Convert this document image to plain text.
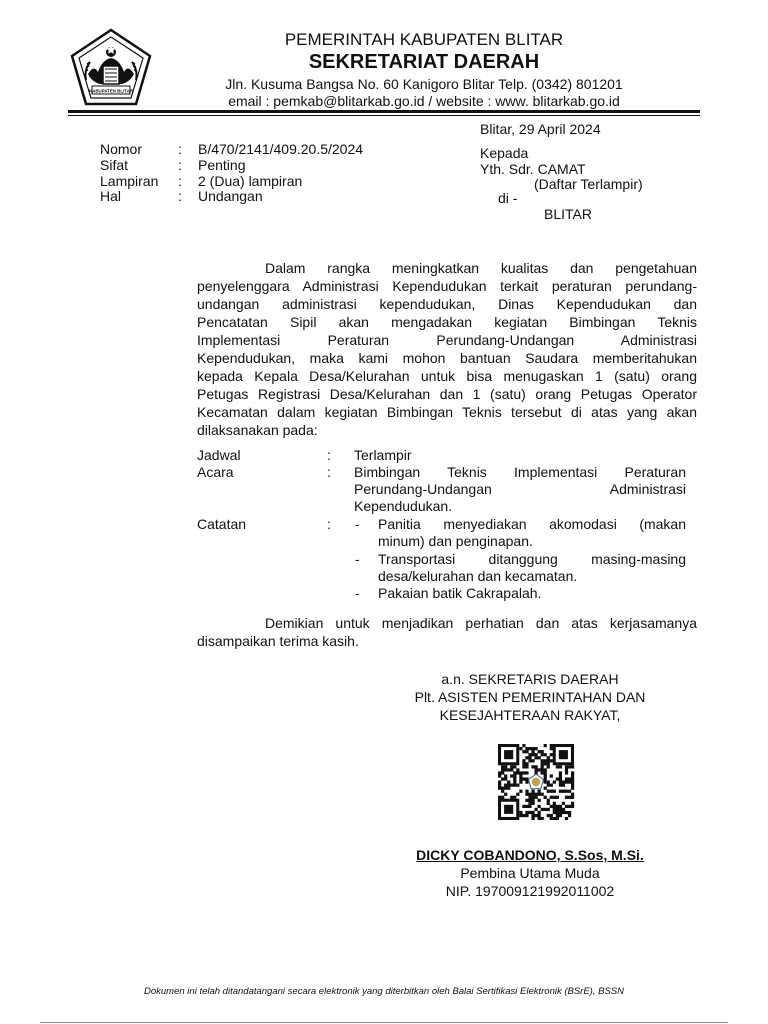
KABUPATEN BLITAR
PEMERINTAH KABUPATEN BLITAR
SEKRETARIAT DAERAH
Jln. Kusuma Bangsa No. 60 Kanigoro Blitar Telp. (0342) 801201
email : pemkab@blitarkab.go.id / website : www. blitarkab.go.id
Blitar, 29 April 2024
Kepada
Yth. Sdr. CAMAT
(Daftar Terlampir)
di -
BLITAR
Nomor	: B/470/2141/409.20.5/2024
Sifat	: Penting
Lampiran : 2 (Dua) lampiran
Hal	: Undangan
Dalam rangka meningkatkan kualitas dan pengetahuan
penyelenggara Administrasi Kependudukan terkait peraturan perundang-
undangan administrasi kependudukan, Dinas Kependudukan dan
Pencatatan Sipil akan mengadakan kegiatan Bimbingan Teknis
Implementasi Peraturan Perundang-Undangan Administrasi
Kependudukan, maka kami mohon bantuan Saudara memberitahukan
kepada Kepala Desa/Kelurahan untuk bisa menugaskan 1 (satu) orang
Petugas Registrasi Desa/Kelurahan dan 1 (satu) orang Petugas Operator
Kecamatan dalam kegiatan Bimbingan Teknis tersebut di atas yang akan
dilaksanakan pada:
Jadwal	: Terlampir
Acara	: Bimbingan Teknis Implementasi Peraturan
Perundang-Undangan Administrasi
Kependudukan.
Catatan	: - Panitia menyediakan akomodasi (makan
minum) dan penginapan.
- Transportasi ditanggung masing-masing
desa/kelurahan dan kecamatan.
- Pakaian batik Cakrapalah.
Demikian untuk menjadikan perhatian dan atas kerjasamanya
disampaikan terima kasih.
a.n. SEKRETARIS DAERAH
Plt. ASISTEN PEMERINTAHAN DAN
KESEJAHTERAAN RAKYAT,
DICKY COBANDONO, S.Sos, M.Si.
Pembina Utama Muda
NIP. 197009121992011002
Dokumen ini telah ditandatangani secara elektronik yang diterbitkan oleh Balai Sertifikasi Elektronik (BSrE), BSSN
